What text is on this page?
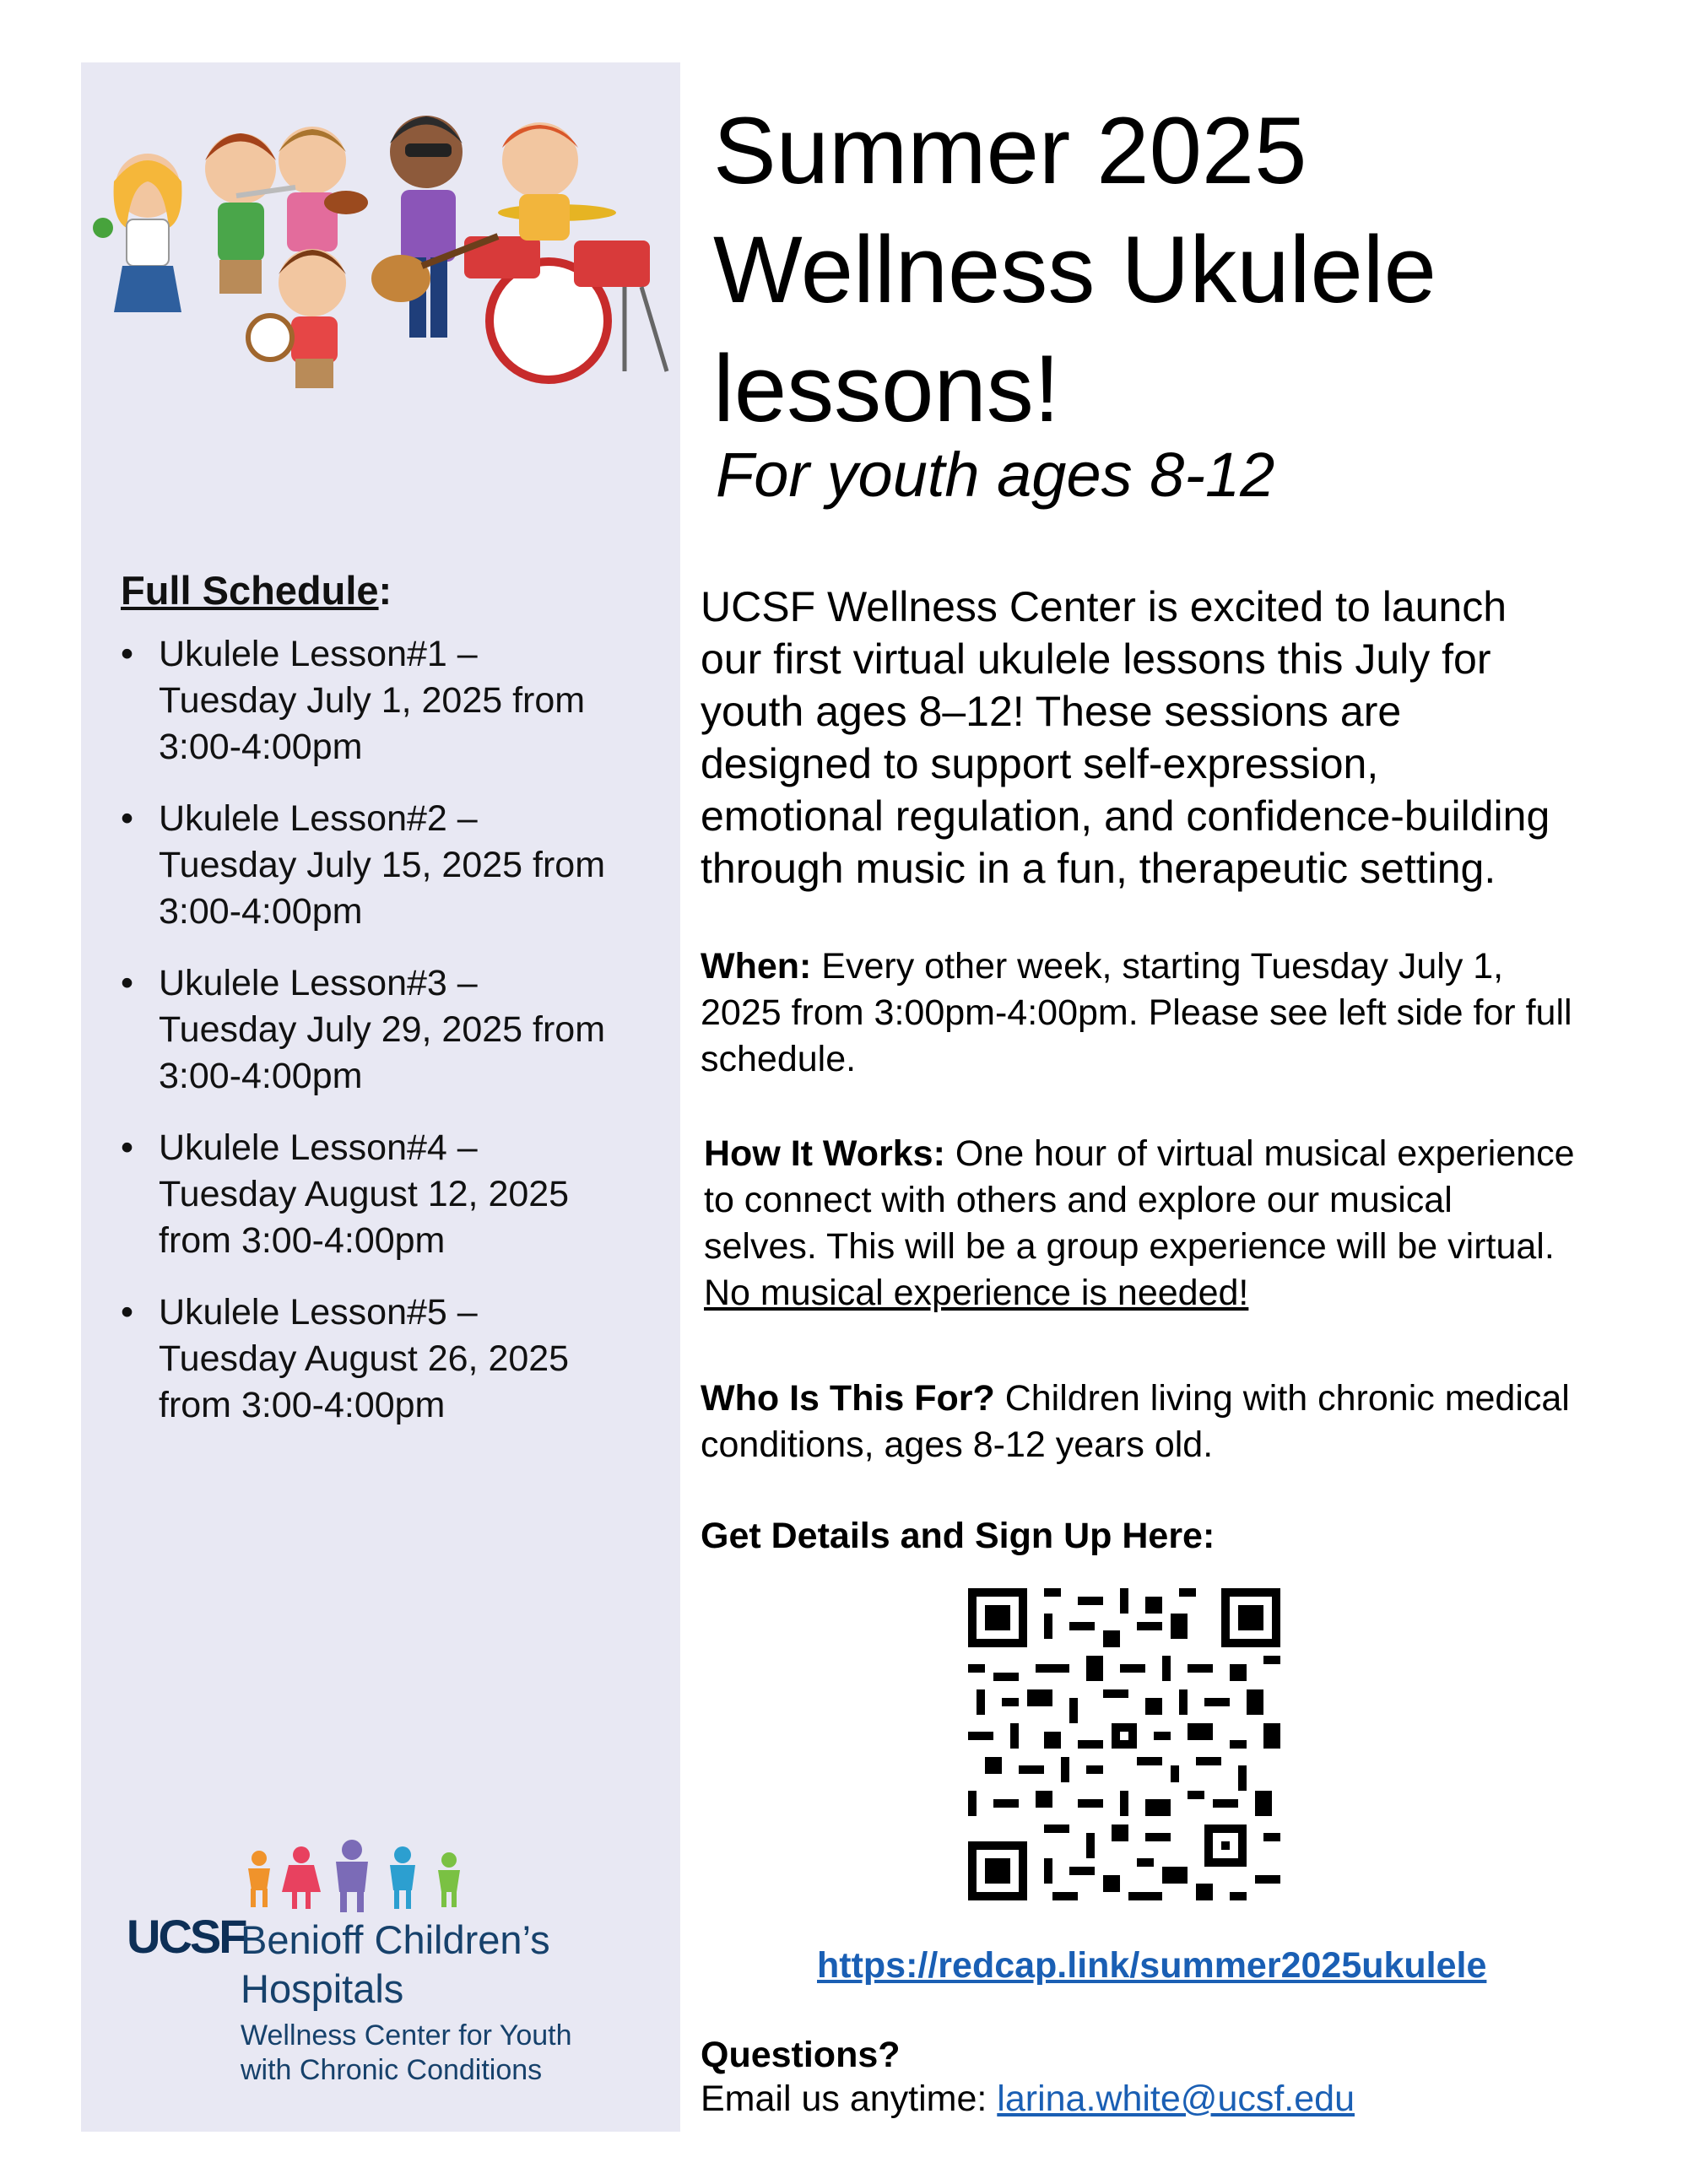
Full Schedule:
• Ukulele Lesson#1 –
Tuesday July 1, 2025 from
3:00-4:00pm
• Ukulele Lesson#2 –
Tuesday July 15, 2025 from
3:00-4:00pm
• Ukulele Lesson#3 –
Tuesday July 29, 2025 from
3:00-4:00pm
• Ukulele Lesson#4 –
Tuesday August 12, 2025
from 3:00-4:00pm
• Ukulele Lesson#5 –
Tuesday August 26, 2025
from 3:00-4:00pm
UCSF
Benioff Children’s
Hospitals
Wellness Center for Youth
with Chronic Conditions
Summer 2025
Wellness Ukulele
lessons!
For youth ages 8-12
UCSF Wellness Center is excited to launch
our first virtual ukulele lessons this July for
youth ages 8–12! These sessions are
designed to support self-expression,
emotional regulation, and confidence-building
through music in a fun, therapeutic setting.
When: Every other week, starting Tuesday July 1,
2025 from 3:00pm-4:00pm. Please see left side for full
schedule.
How It Works: One hour of virtual musical experience
to connect with others and explore our musical
selves. This will be a group experience will be virtual.
No musical experience is needed!
Who Is This For? Children living with chronic medical
conditions, ages 8-12 years old.
Get Details and Sign Up Here:
https://redcap.link/summer2025ukulele
Questions?
Email us anytime: larina.white@ucsf.edu
